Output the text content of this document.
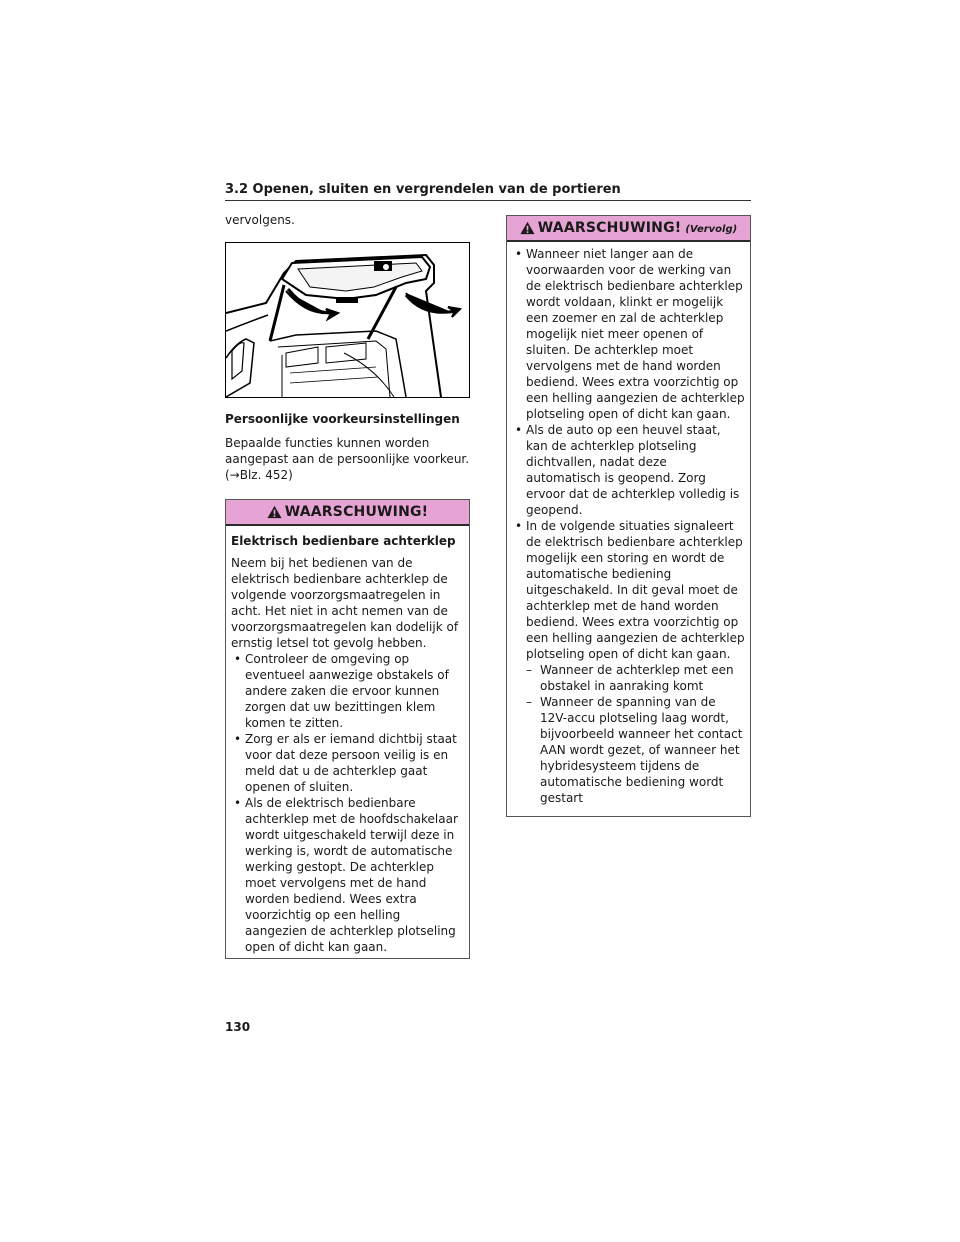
3.2 Openen, sluiten en vergrendelen van de portieren

vervolgens.

Persoonlijke voorkeursinstellingen

Bepaalde functies kunnen worden aangepast aan de persoonlijke voorkeur. (→Blz. 452)

WAARSCHUWING!

Elektrisch bedienbare achterklep

Neem bij het bedienen van de elektrisch bedienbare achterklep de volgende voorzorgsmaatregelen in acht. Het niet in acht nemen van de voorzorgsmaatregelen kan dodelijk of ernstig letsel tot gevolg hebben.

• Controleer de omgeving op eventueel aanwezige obstakels of andere zaken die ervoor kunnen zorgen dat uw bezittingen klem komen te zitten.

• Zorg er als er iemand dichtbij staat voor dat deze persoon veilig is en meld dat u de achterklep gaat openen of sluiten.

• Als de elektrisch bedienbare achterklep met de hoofdschakelaar wordt uitgeschakeld terwijl deze in werking is, wordt de automatische werking gestopt. De achterklep moet vervolgens met de hand worden bediend. Wees extra voorzichtig op een helling aangezien de achterklep plotseling open of dicht kan gaan.

WAARSCHUWING! (Vervolg)

• Wanneer niet langer aan de voorwaarden voor de werking van de elektrisch bedienbare achterklep wordt voldaan, klinkt er mogelijk een zoemer en zal de achterklep mogelijk niet meer openen of sluiten. De achterklep moet vervolgens met de hand worden bediend. Wees extra voorzichtig op een helling aangezien de achterklep plotseling open of dicht kan gaan.

• Als de auto op een heuvel staat, kan de achterklep plotseling dichtvallen, nadat deze automatisch is geopend. Zorg ervoor dat de achterklep volledig is geopend.

• In de volgende situaties signaleert de elektrisch bedienbare achterklep mogelijk een storing en wordt de automatische bediening uitgeschakeld. In dit geval moet de achterklep met de hand worden bediend. Wees extra voorzichtig op een helling aangezien de achterklep plotseling open of dicht kan gaan.

– Wanneer de achterklep met een obstakel in aanraking komt

– Wanneer de spanning van de 12V-accu plotseling laag wordt, bijvoorbeeld wanneer het contact AAN wordt gezet, of wanneer het hybridesysteem tijdens de automatische bediening wordt gestart

130
